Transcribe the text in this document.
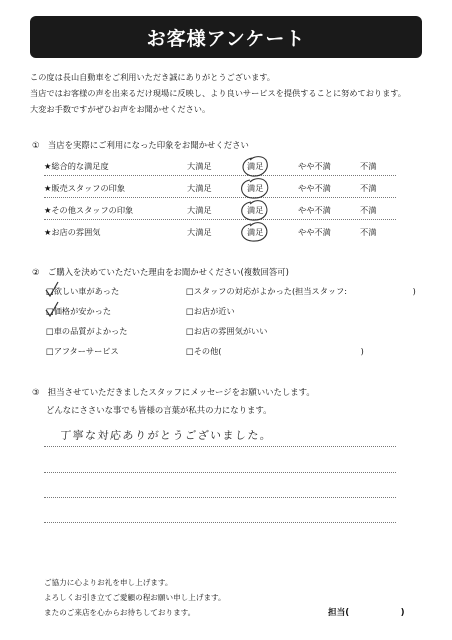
お客様アンケート
この度は長山自動車をご利用いただき誠にありがとうございます。
当店ではお客様の声を出来るだけ現場に反映し、より良いサービスを提供することに努めております。
大変お手数ですがぜひお声をお聞かせください。
①　当店を実際にご利用になった印象をお聞かせください
★総合的な満足度	大満足	満足	やや不満	不満
★販売スタッフの印象	大満足	満足	やや不満	不満
★その他スタッフの印象	大満足	満足	やや不満	不満
★お店の雰囲気	大満足	満足	やや不満	不満
②　ご購入を決めていただいた理由をお聞かせください(複数回答可)
□欲しい車があった	□スタッフの対応がよかった(担当スタッフ:　　　　　　　　)
□価格が安かった	□お店が近い
□車の品質がよかった	□お店の雰囲気がいい
□アフターサービス	□その他(　　　　　　　　　　　　　　　　　)
③　担当させていただきましたスタッフにメッセージをお願いいたします。
どんなにささいな事でも皆様の言葉が私共の力になります。
丁寧な対応ありがとうございました。
ご協力に心よりお礼を申し上げます。
よろしくお引き立てご愛顧の程お願い申し上げます。
またのご来店を心からお待ちしております。	担当(　　　　　　)
